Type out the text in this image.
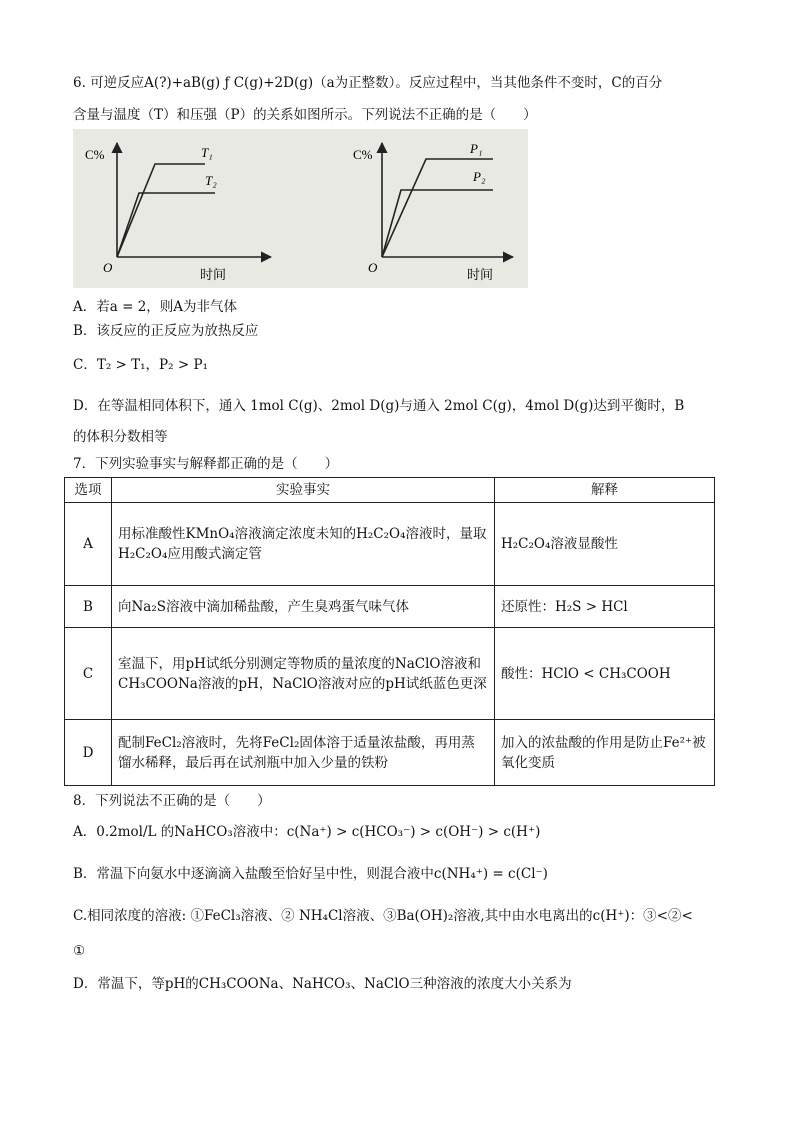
6. 可逆反应A(?)+aB(g) ƒ C(g)+2D(g)（a为正整数）。反应过程中，当其他条件不变时，C的百分
含量与温度（T）和压强（P）的关系如图所示。下列说法不正确的是（　　）
C%
O
时间
T₁
T₂
C%
O
时间
P₁
P₂
A．若a = 2，则A为非气体
B．该反应的正反应为放热反应
C．T₂ > T₁，P₂ > P₁
D．在等温相同体积下，通入 1mol C(g)、2mol D(g)与通入 2mol C(g)，4mol D(g)达到平衡时，B
的体积分数相等
7．下列实验事实与解释都正确的是（　　）
选项	实验事实	解释
A	用标准酸性KMnO₄溶液滴定浓度未知的H₂C₂O₄溶液时，量取H₂C₂O₄应用酸式滴定管	H₂C₂O₄溶液显酸性
B	向Na₂S溶液中滴加稀盐酸，产生臭鸡蛋气味气体	还原性：H₂S > HCl
C	室温下，用pH试纸分别测定等物质的量浓度的NaClO溶液和CH₃COONa溶液的pH，NaClO溶液对应的pH试纸蓝色更深	酸性：HClO < CH₃COOH
D	配制FeCl₂溶液时，先将FeCl₂固体溶于适量浓盐酸，再用蒸馏水稀释，最后再在试剂瓶中加入少量的铁粉	加入的浓盐酸的作用是防止Fe²⁺被氧化变质
8．下列说法不正确的是（　　）
A．0.2mol/L 的NaHCO₃溶液中：c(Na⁺) > c(HCO₃⁻) > c(OH⁻) > c(H⁺)
B．常温下向氨水中逐滴滴入盐酸至恰好呈中性，则混合液中c(NH₄⁺) = c(Cl⁻)
C.相同浓度的溶液: ①FeCl₃溶液、② NH₄Cl溶液、③Ba(OH)₂溶液,其中由水电离出的c(H⁺)：③<②<
①
D．常温下，等pH的CH₃COONa、NaHCO₃、NaClO三种溶液的浓度大小关系为
